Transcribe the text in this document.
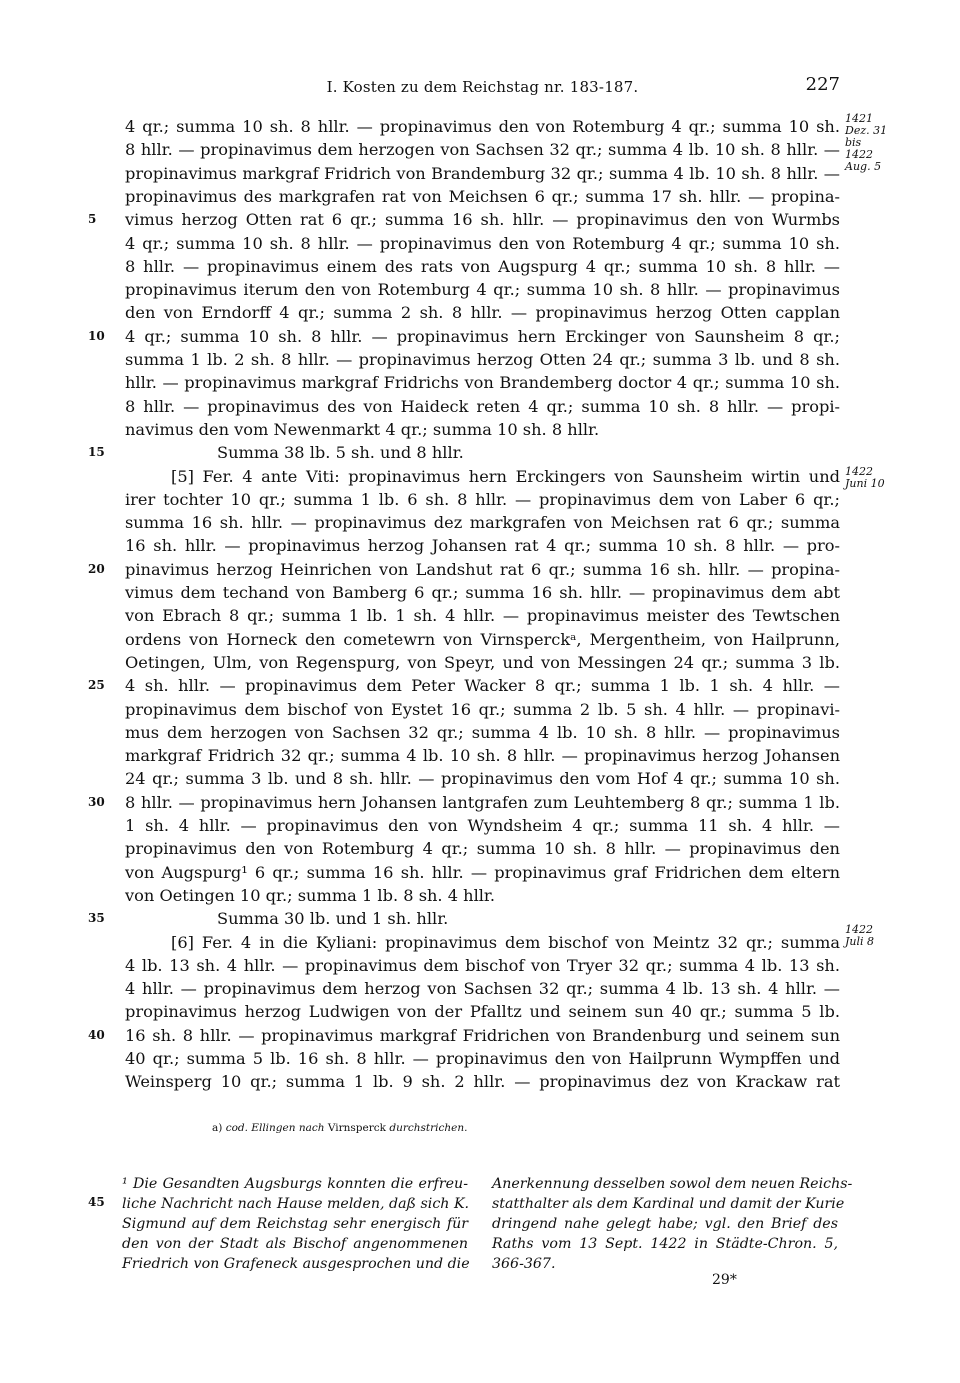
I. Kosten zu dem Reichstag nr. 183-187.	227
4 qr.; summa 10 sh. 8 hllr. — propinavimus den von Rotemburg 4 qr.; summa 10 sh.
8 hllr. — propinavimus dem herzogen von Sachsen 32 qr.; summa 4 lb. 10 sh. 8 hllr. —
propinavimus markgraf Fridrich von Brandemburg 32 qr.; summa 4 lb. 10 sh. 8 hllr. —
propinavimus des markgrafen rat von Meichsen 6 qr.; summa 17 sh. hllr. — propina-
vimus herzog Otten rat 6 qr.; summa 16 sh. hllr. — propinavimus den von Wurmbs
4 qr.; summa 10 sh. 8 hllr. — propinavimus den von Rotemburg 4 qr.; summa 10 sh.
8 hllr. — propinavimus einem des rats von Augspurg 4 qr.; summa 10 sh. 8 hllr. —
propinavimus iterum den von Rotemburg 4 qr.; summa 10 sh. 8 hllr. — propinavimus
den von Erndorff 4 qr.; summa 2 sh. 8 hllr. — propinavimus herzog Otten capplan
4 qr.; summa 10 sh. 8 hllr. — propinavimus hern Erckinger von Saunsheim 8 qr.;
summa 1 lb. 2 sh. 8 hllr. — propinavimus herzog Otten 24 qr.; summa 3 lb. und 8 sh.
hllr. — propinavimus markgraf Fridrichs von Brandemberg doctor 4 qr.; summa 10 sh.
8 hllr. — propinavimus des von Haideck reten 4 qr.; summa 10 sh. 8 hllr. — propi-
navimus den vom Newenmarkt 4 qr.; summa 10 sh. 8 hllr.
Summa 38 lb. 5 sh. und 8 hllr.
[5] Fer. 4 ante Viti: propinavimus hern Erckingers von Saunsheim wirtin und
irer tochter 10 qr.; summa 1 lb. 6 sh. 8 hllr. — propinavimus dem von Laber 6 qr.;
summa 16 sh. hllr. — propinavimus dez markgrafen von Meichsen rat 6 qr.; summa
16 sh. hllr. — propinavimus herzog Johansen rat 4 qr.; summa 10 sh. 8 hllr. — pro-
pinavimus herzog Heinrichen von Landshut rat 6 qr.; summa 16 sh. hllr. — propina-
vimus dem techand von Bamberg 6 qr.; summa 16 sh. hllr. — propinavimus dem abt
von Ebrach 8 qr.; summa 1 lb. 1 sh. 4 hllr. — propinavimus meister des Tewtschen
ordens von Horneck den cometewrn von Virnsperckᵃ, Mergentheim, von Hailprunn,
Oetingen, Ulm, von Regenspurg, von Speyr, und von Messingen 24 qr.; summa 3 lb.
4 sh. hllr. — propinavimus dem Peter Wacker 8 qr.; summa 1 lb. 1 sh. 4 hllr. —
propinavimus dem bischof von Eystet 16 qr.; summa 2 lb. 5 sh. 4 hllr. — propinavi-
mus dem herzogen von Sachsen 32 qr.; summa 4 lb. 10 sh. 8 hllr. — propinavimus
markgraf Fridrich 32 qr.; summa 4 lb. 10 sh. 8 hllr. — propinavimus herzog Johansen
24 qr.; summa 3 lb. und 8 sh. hllr. — propinavimus den vom Hof 4 qr.; summa 10 sh.
8 hllr. — propinavimus hern Johansen lantgrafen zum Leuhtemberg 8 qr.; summa 1 lb.
1 sh. 4 hllr. — propinavimus den von Wyndsheim 4 qr.; summa 11 sh. 4 hllr. —
propinavimus den von Rotemburg 4 qr.; summa 10 sh. 8 hllr. — propinavimus den
von Augspurg¹ 6 qr.; summa 16 sh. hllr. — propinavimus graf Fridrichen dem eltern
von Oetingen 10 qr.; summa 1 lb. 8 sh. 4 hllr.
Summa 30 lb. und 1 sh. hllr.
[6] Fer. 4 in die Kyliani: propinavimus dem bischof von Meintz 32 qr.; summa
4 lb. 13 sh. 4 hllr. — propinavimus dem bischof von Tryer 32 qr.; summa 4 lb. 13 sh.
4 hllr. — propinavimus dem herzog von Sachsen 32 qr.; summa 4 lb. 13 sh. 4 hllr. —
propinavimus herzog Ludwigen von der Pfalltz und seinem sun 40 qr.; summa 5 lb.
16 sh. 8 hllr. — propinavimus markgraf Fridrichen von Brandenburg und seinem sun
40 qr.; summa 5 lb. 16 sh. 8 hllr. — propinavimus den von Hailprunn Wympffen und
Weinsperg 10 qr.; summa 1 lb. 9 sh. 2 hllr. — propinavimus dez von Krackaw rat
5
10
15
20
25
30
35
40
45
1421
Dez. 31
bis
1422
Aug. 5
1422
Juni 10
1422
Juli 8
a) cod. Ellingen nach Virnsperck durchstrichen.
¹ Die Gesandten Augsburgs konnten die erfreu-
liche Nachricht nach Hause melden, daß sich K.
Sigmund auf dem Reichstag sehr energisch für
den von der Stadt als Bischof angenommenen
Friedrich von Grafeneck ausgesprochen und die
Anerkennung desselben sowol dem neuen Reichs-
statthalter als dem Kardinal und damit der Kurie
dringend nahe gelegt habe; vgl. den Brief des
Raths vom 13 Sept. 1422 in Städte-Chron. 5,
366-367.
29*
